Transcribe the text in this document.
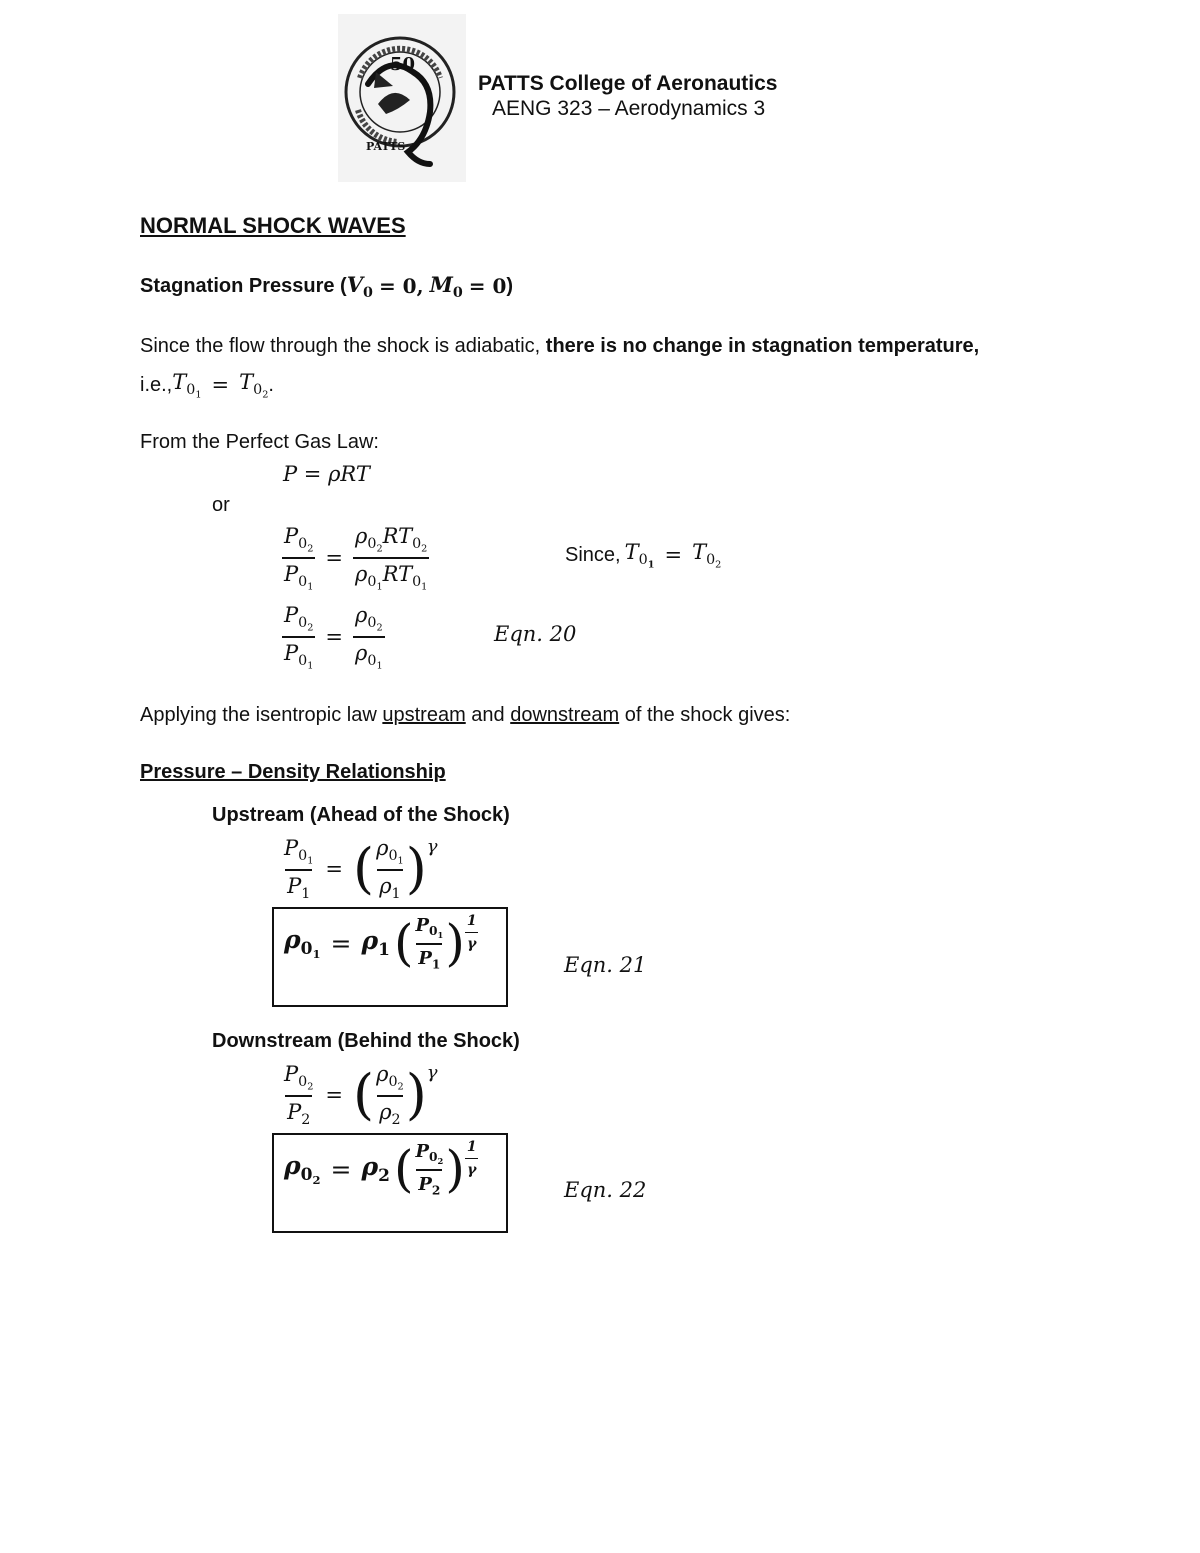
50
PATTS
PATTS College of Aeronautics
AENG 323 – Aerodynamics 3
NORMAL SHOCK WAVES
Stagnation Pressure ( $V_0 = 0$, $M_0 = 0$ )
Since the flow through the shock is adiabatic, there is no change in stagnation temperature,
i.e., $T_{0_1} = T_{0_2}$ .
From the Perfect Gas Law:
P = ρRT
or
$\frac{P_{0_2}}{P_{0_1}} = \frac{\rho_{0_2}RT_{0_2}}{\rho_{0_1}RT_{0_1}}$	Since, $T_{0_1} = T_{0_2}$
$\frac{P_{0_2}}{P_{0_1}} = \frac{\rho_{0_2}}{\rho_{0_1}}$	Eqn. 20
Applying the isentropic law upstream and downstream of the shock gives:
Pressure – Density Relationship
Upstream (Ahead of the Shock)
$\frac{P_{0_1}}{P_1}$ = ( $\frac{\rho_{0_1}}{\rho_1}$ ) γ
$\rho_{0_1} = \rho_1$ ( $\frac{P_{0_1}}{P_1}$ ) $\frac{1}{\gamma}$
Eqn. 21
Downstream (Behind the Shock)
$\frac{P_{0_2}}{P_2}$ = ( $\frac{\rho_{0_2}}{\rho_2}$ ) γ
$\rho_{0_2} = \rho_2$ ( $\frac{P_{0_2}}{P_2}$ ) $\frac{1}{\gamma}$
Eqn. 22
